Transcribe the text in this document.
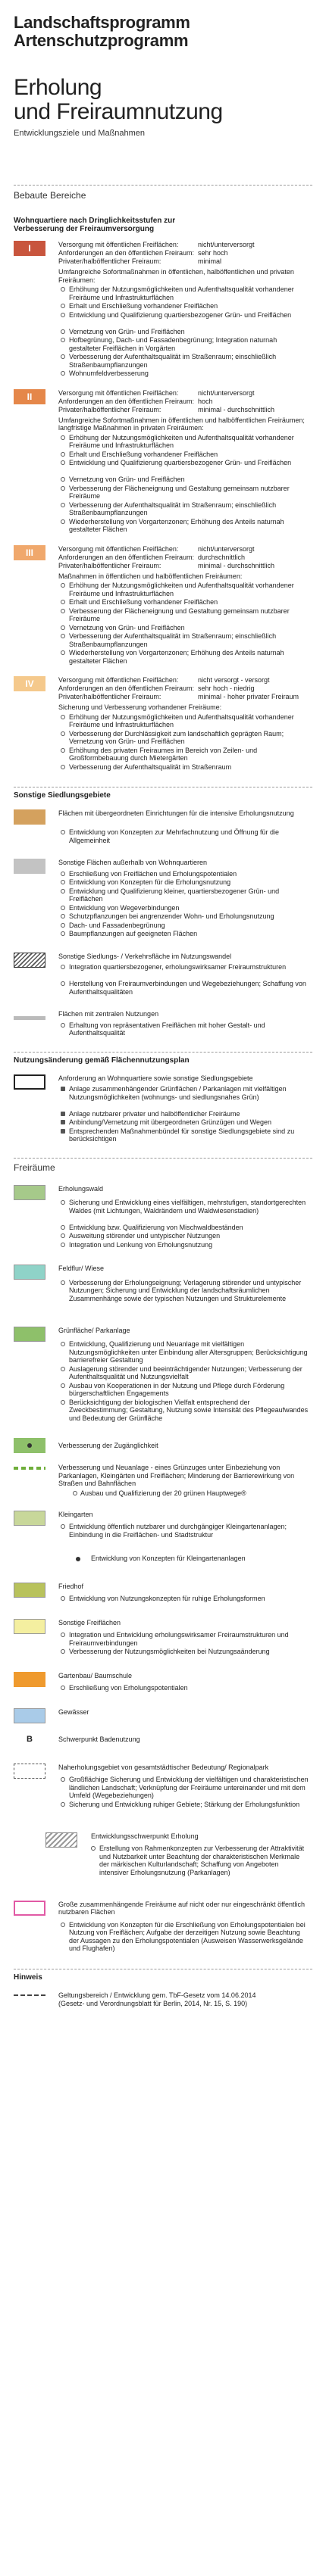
Landschaftsprogramm
Artenschutzprogramm
Erholung
und Freiraumnutzung
Entwicklungsziele und Maßnahmen
Bebaute Bereiche
Wohnquartiere nach Dringlichkeitsstufen zur
Verbesserung der Freiraumversorgung
I	Versorgung mit öffentlichen Freiflächen:	nicht/unterversorgt
Anforderungen an den öffentlichen Freiraum: sehr hoch
Privater/halböffentlicher Freiraum:	minimal
Umfangreiche Sofortmaßnahmen in öffentlichen, halböffentlichen und privaten Freiräumen:
Erhöhung der Nutzungsmöglichkeiten und Aufenthaltsqualität vorhandener Freiräume und Infrastrukturflächen
Erhalt und Erschließung vorhandener Freiflächen
Entwicklung und Qualifizierung quartiersbezogener Grün- und Freiflächen
Vernetzung von Grün- und Freiflächen
Hofbegrünung, Dach- und Fassadenbegrünung; Integration naturnah gestalteter Freiflächen in Vorgärten
Verbesserung der Aufenthaltsqualität im Straßenraum; einschließlich Straßenbaumpflanzungen
Wohnumfeldverbesserung
II	Versorgung mit öffentlichen Freiflächen:	nicht/unterversorgt
Anforderungen an den öffentlichen Freiraum: hoch
Privater/halböffentlicher Freiraum:	minimal - durchschnittlich
Umfangreiche Sofortmaßnahmen in öffentlichen und halböffentlichen Freiräumen; langfristige Maßnahmen in privaten Freiräumen:
Erhöhung der Nutzungsmöglichkeiten und Aufenthaltsqualität vorhandener Freiräume und Infrastrukturflächen
Erhalt und Erschließung vorhandener Freiflächen
Entwicklung und Qualifizierung quartiersbezogener Grün- und Freiflächen
Vernetzung von Grün- und Freiflächen
Verbesserung der Flächeneignung und Gestaltung gemeinsam nutzbarer Freiräume
Verbesserung der Aufenthaltsqualität im Straßenraum; einschließlich Straßenbaumpflanzungen
Wiederherstellung von Vorgartenzonen; Erhöhung des Anteils naturnah gestalteter Flächen
III	Versorgung mit öffentlichen Freiflächen:	nicht/unterversorgt
Anforderungen an den öffentlichen Freiraum: durchschnittlich
Privater/halböffentlicher Freiraum:	minimal - durchschnittlich
Maßnahmen in öffentlichen und halböffentlichen Freiräumen:
Erhöhung der Nutzungsmöglichkeiten und Aufenthaltsqualität vorhandener Freiräume und Infrastrukturflächen
Erhalt und Erschließung vorhandener Freiflächen
Verbesserung der Flächeneignung und Gestaltung gemeinsam nutzbarer Freiräume
Vernetzung von Grün- und Freiflächen
Verbesserung der Aufenthaltsqualität im Straßenraum; einschließlich Straßenbaumpflanzungen
Wiederherstellung von Vorgartenzonen; Erhöhung des Anteils naturnah gestalteter Flächen
IV	Versorgung mit öffentlichen Freiflächen:	nicht versorgt - versorgt
Anforderungen an den öffentlichen Freiraum: sehr hoch - niedrig
Privater/halböffentlicher Freiraum:	minimal - hoher privater Freiraum
Sicherung und Verbesserung vorhandener Freiräume:
Erhöhung der Nutzungsmöglichkeiten und Aufenthaltsqualität vorhandener Freiräume und Infrastrukturflächen
Verbesserung der Durchlässigkeit zum landschaftlich geprägten Raum; Vernetzung von Grün- und Freiflächen
Erhöhung des privaten Freiraumes im Bereich von Zeilen- und Großformbebauung durch Mietergärten
Verbesserung der Aufenthaltsqualität im Straßenraum
Sonstige Siedlungsgebiete
Flächen mit übergeordneten Einrichtungen für die intensive Erholungsnutzung
Entwicklung von Konzepten zur Mehrfachnutzung und Öffnung für die Allgemeinheit
Sonstige Flächen außerhalb von Wohnquartieren
Erschließung von Freiflächen und Erholungspotentialen
Entwicklung von Konzepten für die Erholungsnutzung
Entwicklung und Qualifizierung kleiner, quartiersbezogener Grün- und Freiflächen
Entwicklung von Wegeverbindungen
Schutzpflanzungen bei angrenzender Wohn- und Erholungsnutzung
Dach- und Fassadenbegrünung
Baumpflanzungen auf geeigneten Flächen
Sonstige Siedlungs- / Verkehrsfläche im Nutzungswandel
Integration quartiersbezogener, erholungswirksamer Freiraumstrukturen
Herstellung von Freiraumverbindungen und Wegebeziehungen; Schaffung von Aufenthaltsqualitäten
Flächen mit zentralen Nutzungen
Erhaltung von repräsentativen Freiflächen mit hoher Gestalt- und Aufenthaltsqualität
Nutzungsänderung gemäß Flächennutzungsplan
Anforderung an Wohnquartiere sowie sonstige Siedlungsgebiete
Anlage zusammenhängender Grünflächen / Parkanlagen mit vielfältigen Nutzungsmöglichkeiten (wohnungs- und siedlungsnahes Grün)
Anlage nutzbarer privater und halböffentlicher Freiräume
Anbindung/Vernetzung mit übergeordneten Grünzügen und Wegen
Entsprechenden Maßnahmenbündel für sonstige Siedlungsgebiete sind zu berücksichtigen
Freiräume
Erholungswald
Sicherung und Entwicklung eines vielfältigen, mehrstufigen, standortgerechten Waldes (mit Lichtungen, Waldrändern und Waldwiesenstadien)
Entwicklung bzw. Qualifizierung von Mischwaldbeständen
Ausweitung störender und untypischer Nutzungen
Integration und Lenkung von Erholungsnutzung
Feldflur/ Wiese
Verbesserung der Erholungseignung; Verlagerung störender und untypischer Nutzungen; Sicherung und Entwicklung der landschaftsräumlichen Zusammenhänge sowie der typischen Nutzungen und Strukturelemente
Grünfläche/ Parkanlage
Entwicklung, Qualifizierung und Neuanlage mit vielfältigen Nutzungsmöglichkeiten unter Einbindung aller Altersgruppen; Berücksichtigung barrierefreier Gestaltung
Auslagerung störender und beeinträchtigender Nutzungen; Verbesserung der Aufenthaltsqualität und Nutzungsvielfalt
Ausbau von Kooperationen in der Nutzung und Pflege durch Förderung bürgerschaftlichen Engagements
Berücksichtigung der biologischen Vielfalt entsprechend der Zweckbestimmung; Gestaltung, Nutzung sowie Intensität des Pflegeaufwandes und Bedeutung der Grünfläche
Verbesserung der Zugänglichkeit
Verbesserung und Neuanlage - eines Grünzuges unter Einbeziehung von Parkanlagen, Kleingärten und Freiflächen; Minderung der Barrierewirkung von Straßen und Bahnflächen
Ausbau und Qualifizierung der 20 grünen Hauptwege®
Kleingarten
Entwicklung öffentlich nutzbarer und durchgängiger Kleingartenanlagen; Einbindung in die Freiflächen- und Stadtstruktur
Entwicklung von Konzepten für Kleingartenanlagen
Friedhof
Entwicklung von Nutzungskonzepten für ruhige Erholungsformen
Sonstige Freiflächen
Integration und Entwicklung erholungswirksamer Freiraumstrukturen und Freiraumverbindungen
Verbesserung der Nutzungsmöglichkeiten bei Nutzungsaänderung
Gartenbau/ Baumschule
Erschließung von Erholungspotentialen
Gewässer
B	Schwerpunkt Badenutzung
Naherholungsgebiet von gesamtstädtischer Bedeutung/ Regionalpark
Großflächige Sicherung und Entwicklung der vielfältigen und charakteristischen ländlichen Landschaft; Verknüpfung der Freiräume untereinander und mit dem Umfeld (Wegebeziehungen)
Sicherung und Entwicklung ruhiger Gebiete; Stärkung der Erholungsfunktion
Entwicklungsschwerpunkt Erholung
Erstellung von Rahmenkonzepten zur Verbesserung der Attraktivität und Nutzbarkeit unter Beachtung der charakteristischen Merkmale der märkischen Kulturlandschaft; Schaffung von Angeboten intensiver Erholungsnutzung (Parkanlagen)
Große zusammenhängende Freiräume auf nicht oder nur eingeschränkt öffentlich nutzbaren Flächen
Entwicklung von Konzepten für die Erschließung von Erholungspotentialen bei Nutzung von Freiflächen; Aufgabe der derzeitigen Nutzung sowie Beachtung der Aussagen zu den Erholungspotentialen (Ausweisen Wasserwerksgelände und Flughafen)
Hinweis
Geltungsbereich / Entwicklung gem. TbF-Gesetz vom 14.06.2014
(Gesetz- und Verordnungsblatt für Berlin, 2014, Nr. 15, S. 190)
